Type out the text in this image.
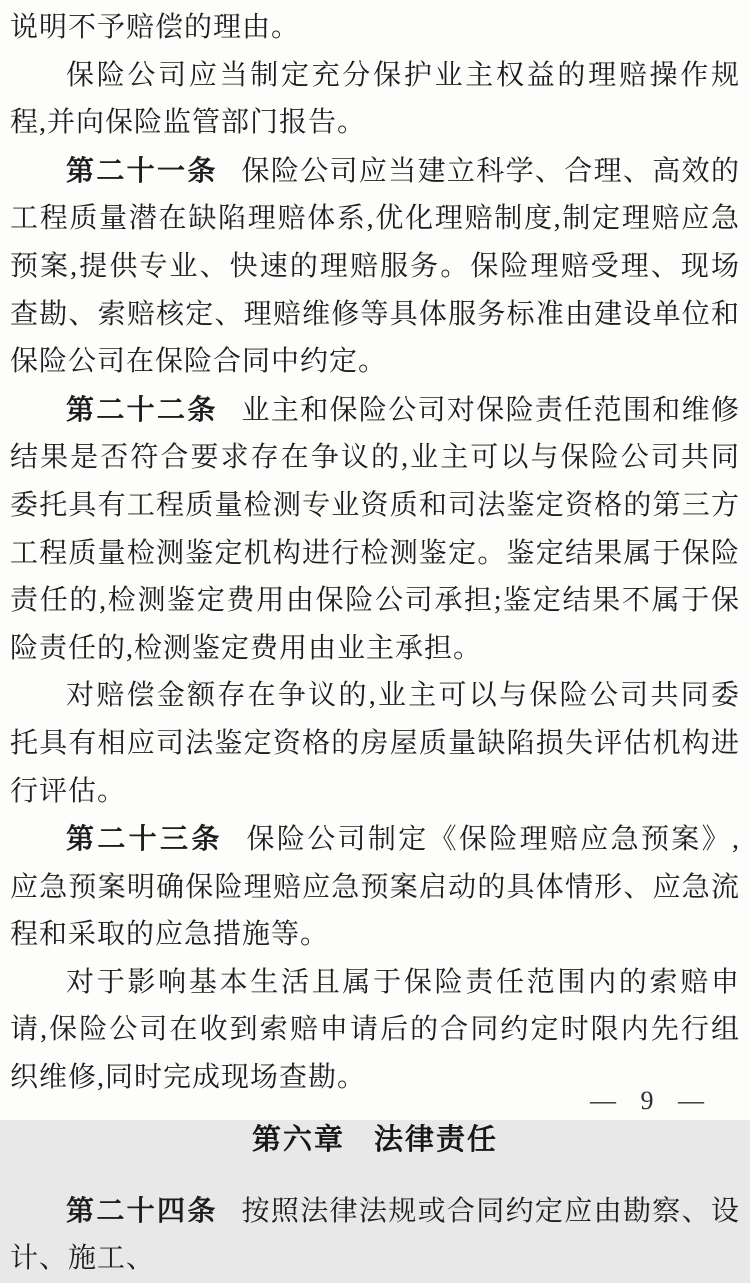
说明不予赔偿的理由。

保险公司应当制定充分保护业主权益的理赔操作规程,并向保险监管部门报告。

第二十一条 保险公司应当建立科学、合理、高效的工程质量潜在缺陷理赔体系,优化理赔制度,制定理赔应急预案,提供专业、快速的理赔服务。保险理赔受理、现场查勘、索赔核定、理赔维修等具体服务标准由建设单位和保险公司在保险合同中约定。

第二十二条 业主和保险公司对保险责任范围和维修结果是否符合要求存在争议的,业主可以与保险公司共同委托具有工程质量检测专业资质和司法鉴定资格的第三方工程质量检测鉴定机构进行检测鉴定。鉴定结果属于保险责任的,检测鉴定费用由保险公司承担;鉴定结果不属于保险责任的,检测鉴定费用由业主承担。

对赔偿金额存在争议的,业主可以与保险公司共同委托具有相应司法鉴定资格的房屋质量缺陷损失评估机构进行评估。

第二十三条 保险公司制定《保险理赔应急预案》,应急预案明确保险理赔应急预案启动的具体情形、应急流程和采取的应急措施等。

对于影响基本生活且属于保险责任范围内的索赔申请,保险公司在收到索赔申请后的合同约定时限内先行组织维修,同时完成现场查勘。

第六章 法律责任

第二十四条 按照法律法规或合同约定应由勘察、设计、施工、

— 9 —
